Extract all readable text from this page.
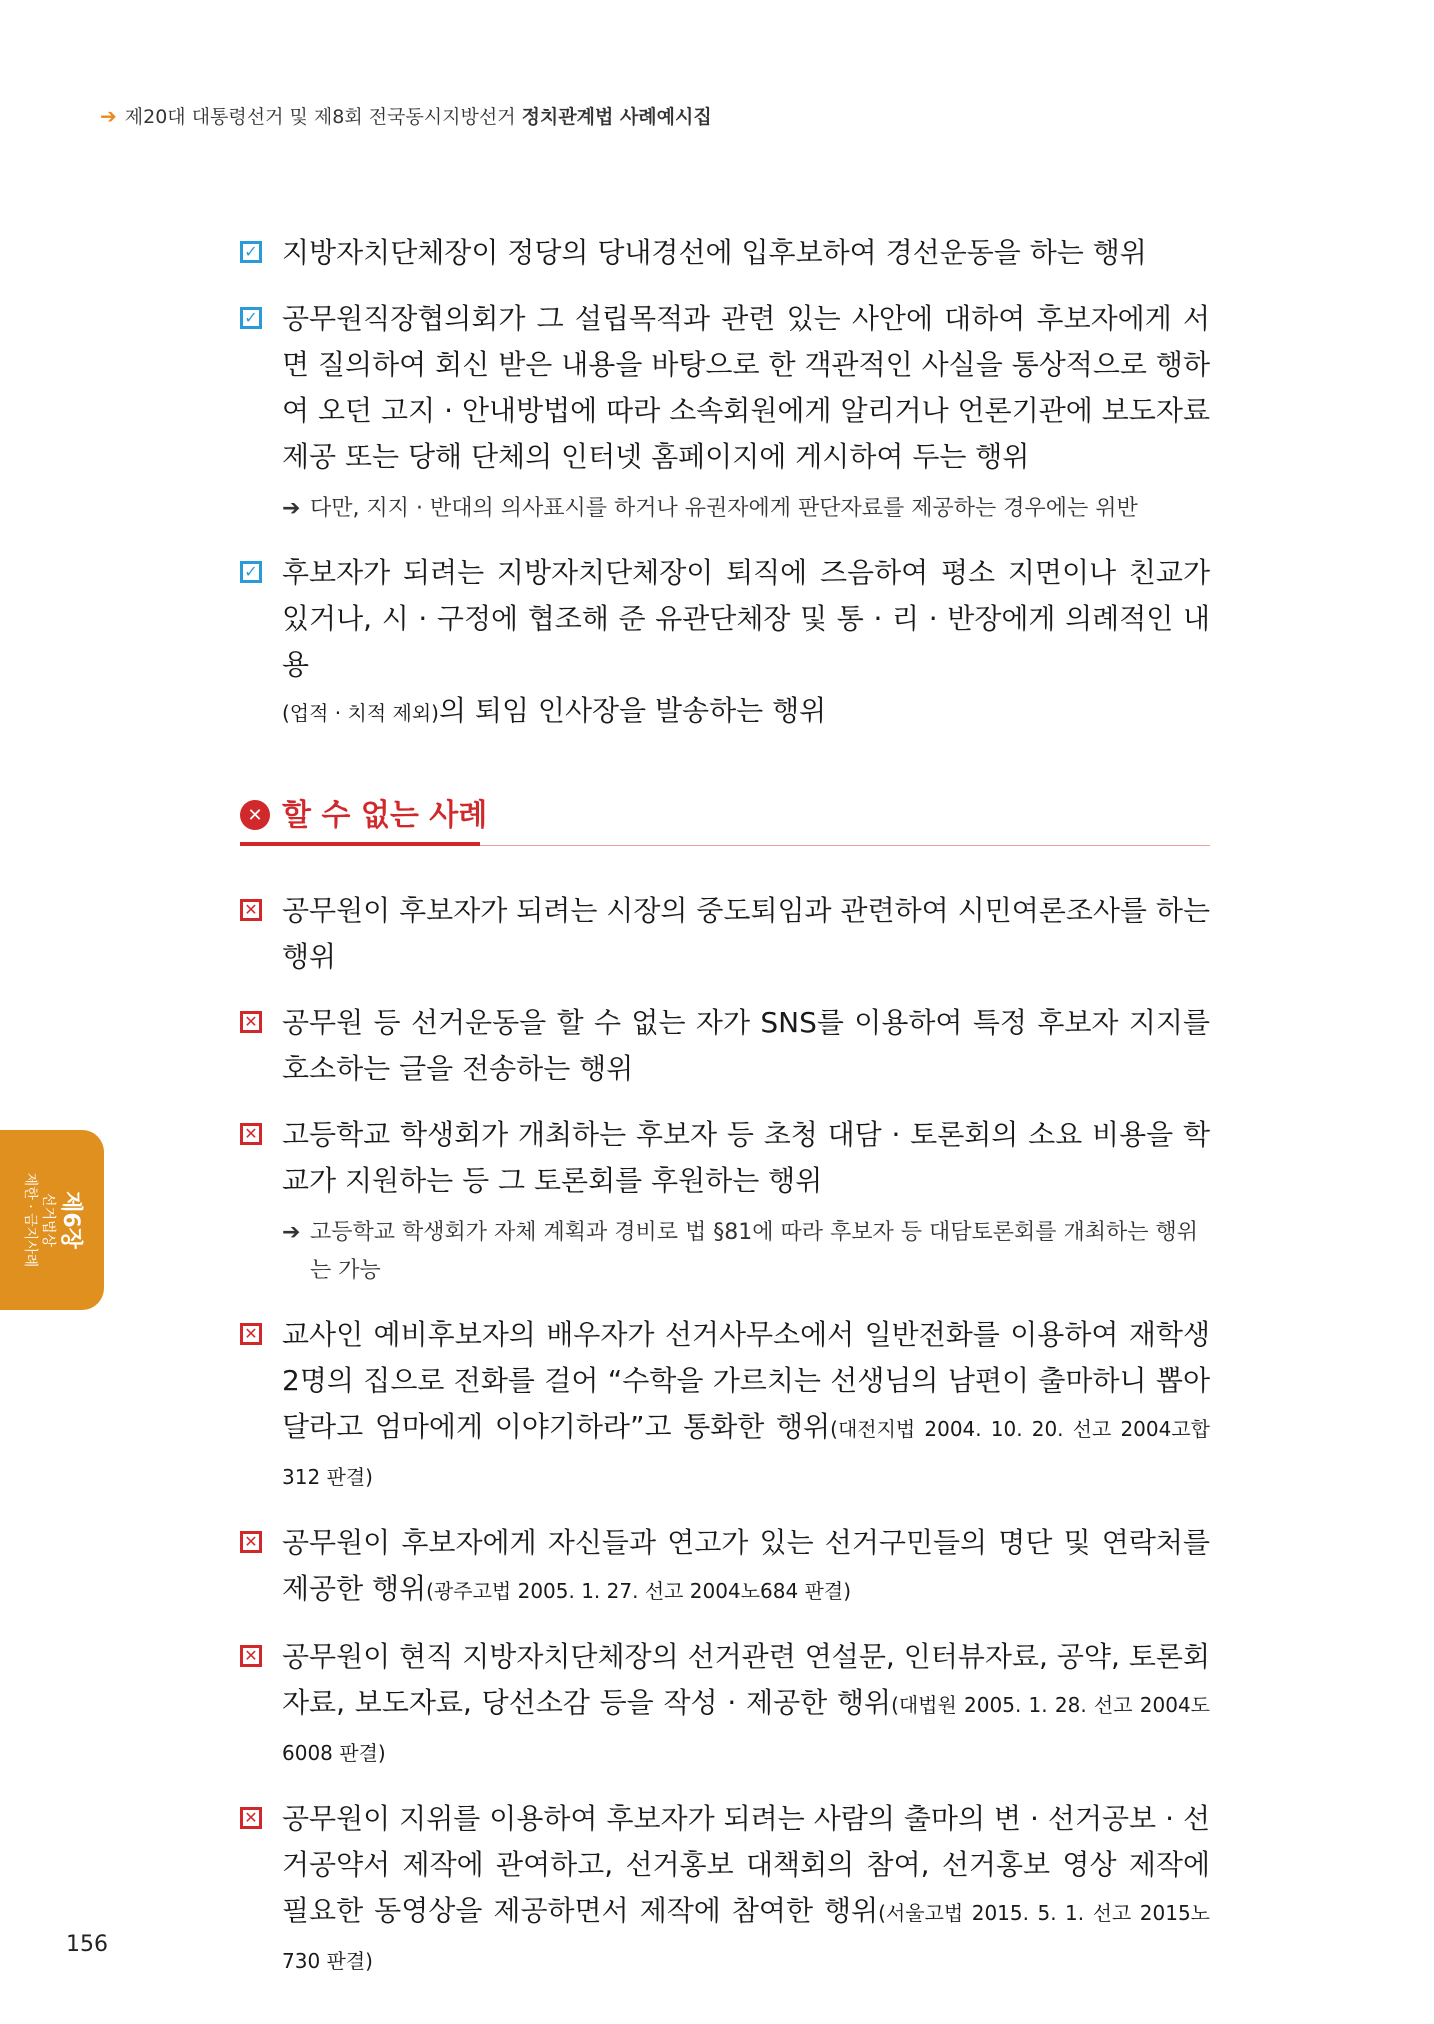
➔ 제20대 대통령선거 및 제8회 전국동시지방선거 정치관계법 사례예시집
✓ 지방자치단체장이 정당의 당내경선에 입후보하여 경선운동을 하는 행위
✓ 공무원직장협의회가 그 설립목적과 관련 있는 사안에 대하여 후보자에게 서면 질의하여 회신 받은 내용을 바탕으로 한 객관적인 사실을 통상적으로 행하여 오던 고지 · 안내방법에 따라 소속회원에게 알리거나 언론기관에 보도자료 제공 또는 당해 단체의 인터넷 홈페이지에 게시하여 두는 행위
➔ 다만, 지지 · 반대의 의사표시를 하거나 유권자에게 판단자료를 제공하는 경우에는 위반
✓ 후보자가 되려는 지방자치단체장이 퇴직에 즈음하여 평소 지면이나 친교가 있거나, 시 · 구정에 협조해 준 유관단체장 및 통 · 리 · 반장에게 의례적인 내용
(업적 · 치적 제외)의 퇴임 인사장을 발송하는 행위
✕ 할 수 없는 사례
✕ 공무원이 후보자가 되려는 시장의 중도퇴임과 관련하여 시민여론조사를 하는 행위
✕ 공무원 등 선거운동을 할 수 없는 자가 SNS를 이용하여 특정 후보자 지지를 호소하는 글을 전송하는 행위
✕ 고등학교 학생회가 개최하는 후보자 등 초청 대담 · 토론회의 소요 비용을 학교가 지원하는 등 그 토론회를 후원하는 행위
➔ 고등학교 학생회가 자체 계획과 경비로 법 §81에 따라 후보자 등 대담토론회를 개최하는 행위는 가능
✕ 교사인 예비후보자의 배우자가 선거사무소에서 일반전화를 이용하여 재학생 2명의 집으로 전화를 걸어 “수학을 가르치는 선생님의 남편이 출마하니 뽑아달라고 엄마에게 이야기하라”고 통화한 행위(대전지법 2004. 10. 20. 선고 2004고합312 판결)
✕ 공무원이 후보자에게 자신들과 연고가 있는 선거구민들의 명단 및 연락처를 제공한 행위(광주고법 2005. 1. 27. 선고 2004노684 판결)
✕ 공무원이 현직 지방자치단체장의 선거관련 연설문, 인터뷰자료, 공약, 토론회 자료, 보도자료, 당선소감 등을 작성 · 제공한 행위(대법원 2005. 1. 28. 선고 2004도6008 판결)
✕ 공무원이 지위를 이용하여 후보자가 되려는 사람의 출마의 변 · 선거공보 · 선거공약서 제작에 관여하고, 선거홍보 대책회의 참여, 선거홍보 영상 제작에 필요한 동영상을 제공하면서 제작에 참여한 행위(서울고법 2015. 5. 1. 선고 2015노730 판결)
제6장
선거법상
제한 · 금지사례
156
